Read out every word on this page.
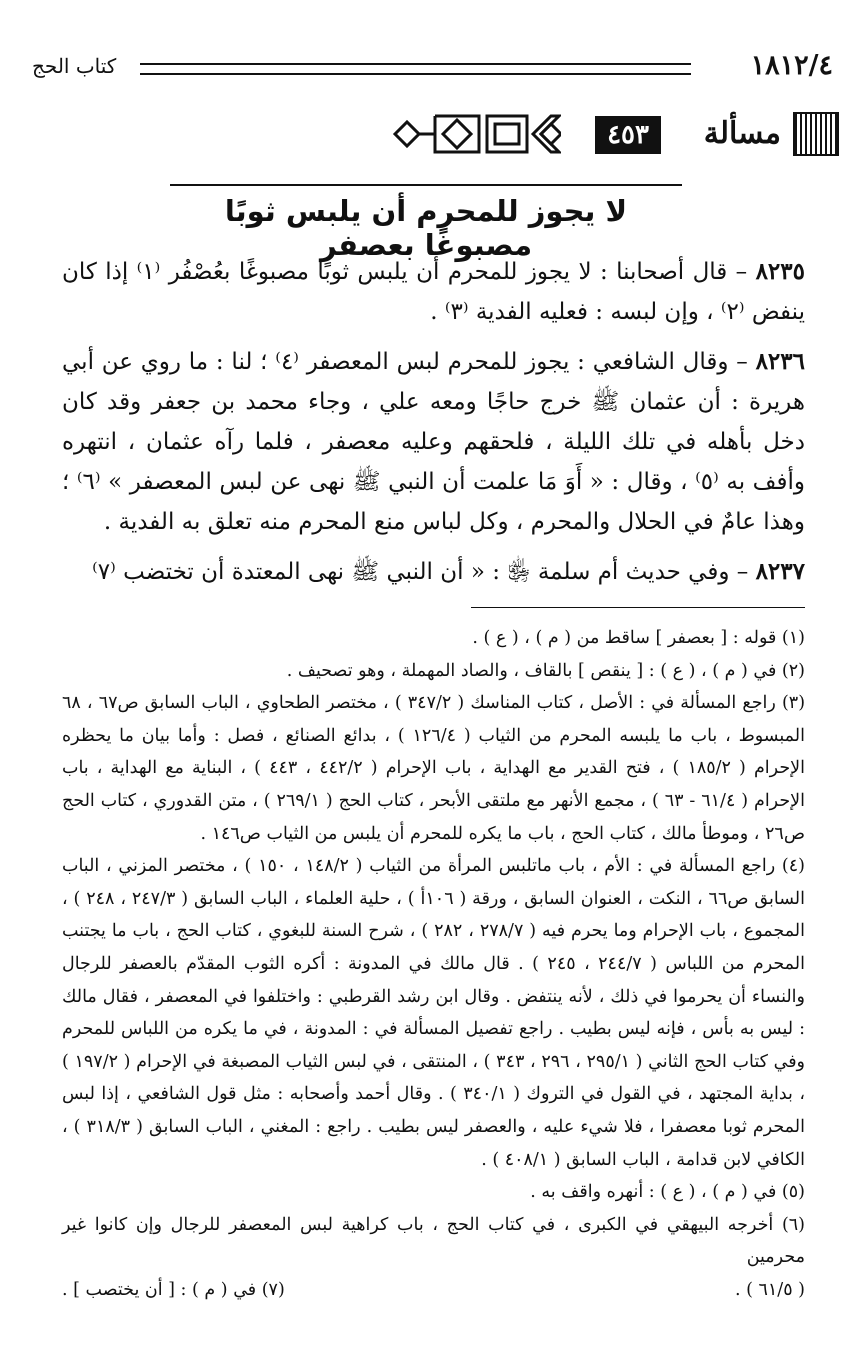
١٨١٢/٤
كتاب الحج
مسألة
٤٥٣
لا يجوز للمحرم أن يلبس ثوبًا مصبوغًا بعصفر

٨٢٣٥ – قال أصحابنا : لا يجوز للمحرم أن يلبس ثوبًا مصبوغًا بعُصْفُر ⁽١⁾ إذا كان ينفض ⁽٢⁾ ، وإن لبسه : فعليه الفدية ⁽٣⁾ .

٨٢٣٦ – وقال الشافعي : يجوز للمحرم لبس المعصفر ⁽٤⁾ ؛ لنا : ما روي عن أبي هريرة : أن عثمان ﷺ خرج حاجًا ومعه علي ، وجاء محمد بن جعفر وقد كان دخل بأهله في تلك الليلة ، فلحقهم وعليه معصفر ، فلما رآه عثمان ، انتهره وأفف به ⁽٥⁾ ، وقال : « أَوَ مَا علمت أن النبي ﷺ نهى عن لبس المعصفر » ⁽٦⁾ ؛ وهذا عامٌ في الحلال والمحرم ، وكل لباس منع المحرم منه تعلق به الفدية .

٨٢٣٧ – وفي حديث أم سلمة ﵂ : « أن النبي ﷺ نهى المعتدة أن تختضب ⁽٧⁾

(١) قوله : [ بعصفر ] ساقط من ( م ) ، ( ع ) .

(٢) في ( م ) ، ( ع ) : [ ينقص ] بالقاف ، والصاد المهملة ، وهو تصحيف .

(٣) راجع المسألة في : الأصل ، كتاب المناسك ( ٣٤٧/٢ ) ، مختصر الطحاوي ، الباب السابق ص٦٧ ، ٦٨ المبسوط ، باب ما يلبسه المحرم من الثياب ( ١٢٦/٤ ) ، بدائع الصنائع ، فصل : وأما بيان ما يحظره الإحرام ( ١٨٥/٢ ) ، فتح القدير مع الهداية ، باب الإحرام ( ٤٤٢/٢ ، ٤٤٣ ) ، البناية مع الهداية ، باب الإحرام ( ٦١/٤ - ٦٣ ) ، مجمع الأنهر مع ملتقى الأبحر ، كتاب الحج ( ٢٦٩/١ ) ، متن القدوري ، كتاب الحج ص٢٦ ، وموطأ مالك ، كتاب الحج ، باب ما يكره للمحرم أن يلبس من الثياب ص١٤٦ .

(٤) راجع المسألة في : الأم ، باب ماتلبس المرأة من الثياب ( ١٤٨/٢ ، ١٥٠ ) ، مختصر المزني ، الباب السابق ص٦٦ ، النكت ، العنوان السابق ، ورقة ( ١٠٦أ ) ، حلية العلماء ، الباب السابق ( ٢٤٧/٣ ، ٢٤٨ ) ، المجموع ، باب الإحرام وما يحرم فيه ( ٢٧٨/٧ ، ٢٨٢ ) ، شرح السنة للبغوي ، كتاب الحج ، باب ما يجتنب المحرم من اللباس ( ٢٤٤/٧ ، ٢٤٥ ) . قال مالك في المدونة : أكره الثوب المقدّم بالعصفر للرجال والنساء أن يحرموا في ذلك ، لأنه ينتفض . وقال ابن رشد القرطبي : واختلفوا في المعصفر ، فقال مالك : ليس به بأس ، فإنه ليس بطيب . راجع تفصيل المسألة في : المدونة ، في ما يكره من اللباس للمحرم وفي كتاب الحج الثاني ( ٢٩٥/١ ، ٢٩٦ ، ٣٤٣ ) ، المنتقى ، في لبس الثياب المصبغة في الإحرام ( ١٩٧/٢ ) ، بداية المجتهد ، في القول في التروك ( ٣٤٠/١ ) . وقال أحمد وأصحابه : مثل قول الشافعي ، إذا لبس المحرم ثوبا معصفرا ، فلا شيء عليه ، والعصفر ليس بطيب . راجع : المغني ، الباب السابق ( ٣١٨/٣ ) ، الكافي لابن قدامة ، الباب السابق ( ٤٠٨/١ ) .

(٥) في ( م ) ، ( ع ) : أنهره واقف به .

(٦) أخرجه البيهقي في الكبرى ، في كتاب الحج ، باب كراهية لبس المعصفر للرجال وإن كانوا غير محرمين

( ٦١/٥ ) .
(٧) في ( م ) : [ أن يختصب ] .
